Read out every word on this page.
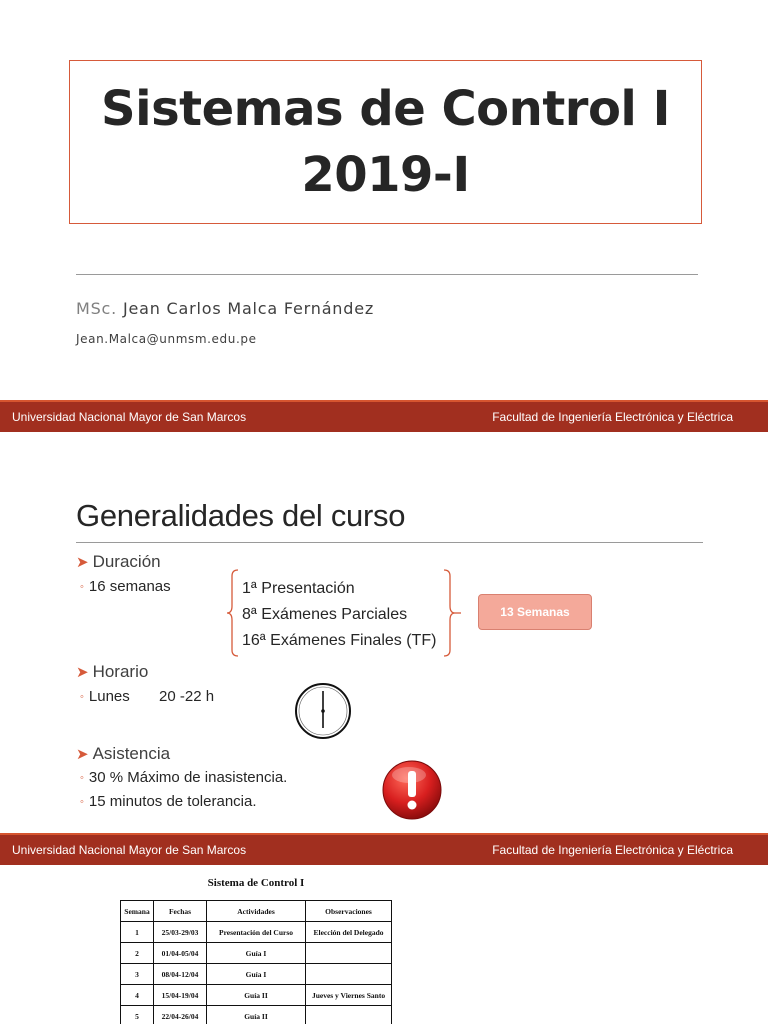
Sistemas de Control I
2019-I
MSc. Jean Carlos Malca Fernández
Jean.Malca@unmsm.edu.pe
Universidad Nacional Mayor de San Marcos	Facultad de Ingeniería Electrónica y Eléctrica
Generalidades del curso
➤ Duración
◦ 16 semanas	1ª Presentación
8ª Exámenes Parciales
16ª Exámenes Finales (TF)
13 Semanas
➤ Horario
◦ Lunes 20 -22 h
➤ Asistencia
◦ 30 % Máximo de inasistencia.
◦ 15 minutos de tolerancia.
Universidad Nacional Mayor de San Marcos	Facultad de Ingeniería Electrónica y Eléctrica
Sistema de Control I
Semana	Fechas	Actividades	Observaciones
1	25/03-29/03	Presentación del Curso	Elección del Delegado
2	01/04-05/04	Guía I	
3	08/04-12/04	Guía I	
4	15/04-19/04	Guía II	Jueves y Viernes Santo
5	22/04-26/04	Guía II	
